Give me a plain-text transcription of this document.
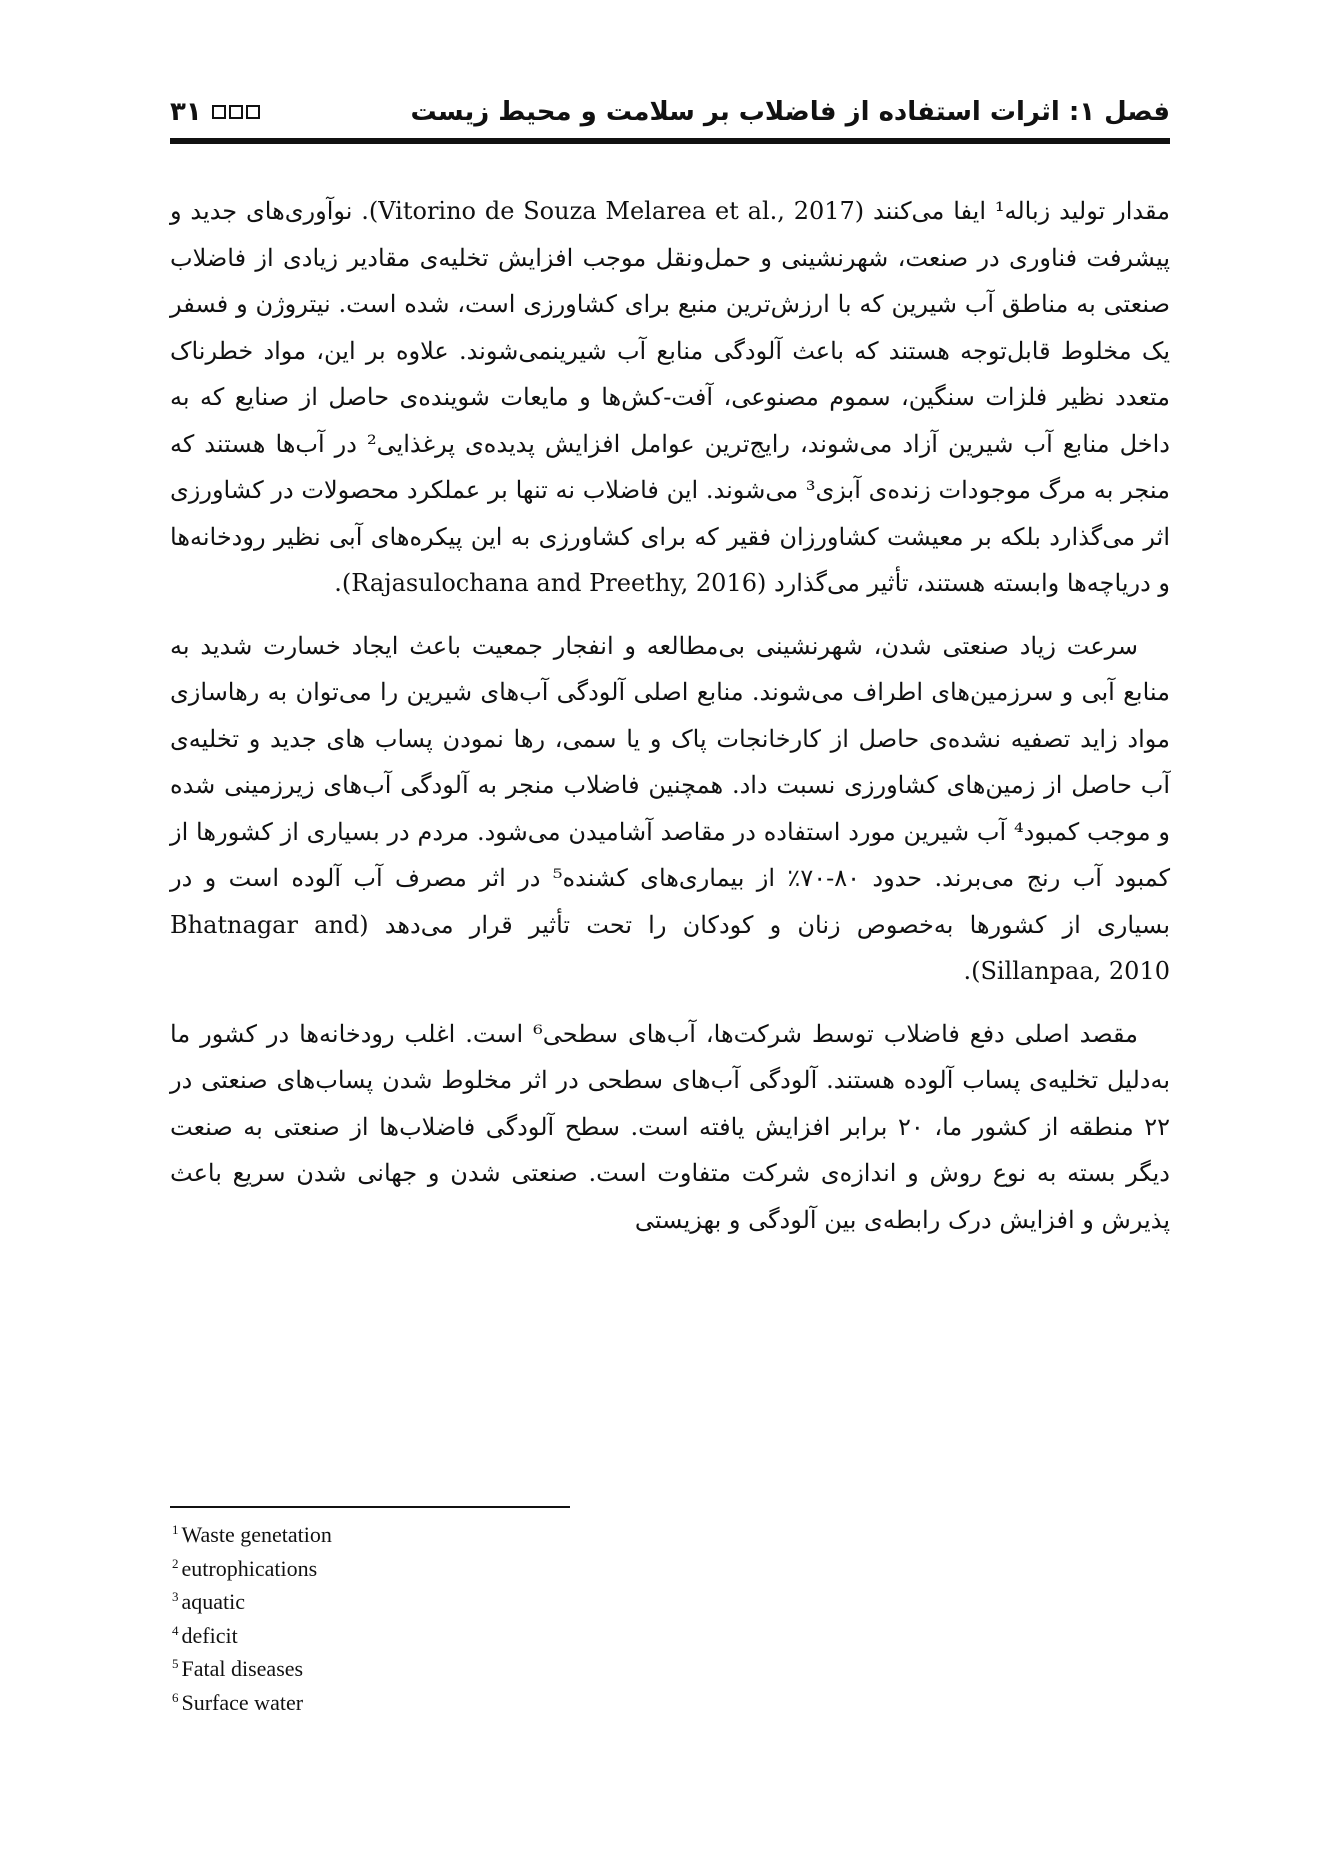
فصل ۱: اثرات استفاده از فاضلاب بر سلامت و محیط زیست
۳۱

مقدار تولید زباله¹ ایفا می‌کنند (Vitorino de Souza Melarea et al., 2017). نوآوری‌های جدید و پیشرفت فناوری در صنعت، شهرنشینی و حمل‌ونقل موجب افزایش تخلیه‌ی مقادیر زیادی از فاضلاب صنعتی به مناطق آب شیرین که با ارزش‌ترین منبع برای کشاورزی است، شده است. نیتروژن و فسفر یک مخلوط قابل‌توجه هستند که باعث آلودگی منابع آب شیرینمی‌شوند. علاوه بر این، مواد خطرناک متعدد نظیر فلزات سنگین، سموم مصنوعی، آفت-کش‌ها و مایعات شوینده‌ی حاصل از صنایع که به داخل منابع آب شیرین آزاد می‌شوند، رایج‌ترین عوامل افزایش پدیده‌ی پرغذایی² در آب‌ها هستند که منجر به مرگ موجودات زنده‌ی آبزی³ می‌شوند. این فاضلاب نه تنها بر عملکرد محصولات در کشاورزی اثر می‌گذارد بلکه بر معیشت کشاورزان فقیر که برای کشاورزی به این پیکره‌های آبی نظیر رودخانه‌ها و دریاچه‌ها وابسته هستند، تأثیر می‌گذارد (Rajasulochana and Preethy, 2016).

سرعت زیاد صنعتی شدن، شهرنشینی بی‌مطالعه و انفجار جمعیت باعث ایجاد خسارت شدید به منابع آبی و سرزمین‌های اطراف می‌شوند. منابع اصلی آلودگی آب‌های شیرین را می‌توان به رهاسازی مواد زاید تصفیه نشده‌ی حاصل از کارخانجات پاک و یا سمی، رها نمودن پساب های جدید و تخلیه‌ی آب حاصل از زمین‌های کشاورزی نسبت داد. همچنین فاضلاب منجر به آلودگی آب‌های زیرزمینی شده و موجب کمبود⁴ آب شیرین مورد استفاده در مقاصد آشامیدن می‌شود. مردم در بسیاری از کشورها از کمبود آب رنج می‌برند. حدود ۸۰-۷۰٪ از بیماری‌های کشنده⁵ در اثر مصرف آب آلوده است و در بسیاری از کشورها به‌خصوص زنان و کودکان را تحت تأثیر قرار می‌دهد (Bhatnagar and Sillanpaa, 2010).

مقصد اصلی دفع فاضلاب توسط شرکت‌ها، آب‌های سطحی⁶ است. اغلب رودخانه‌ها در کشور ما به‌دلیل تخلیه‌ی پساب آلوده هستند. آلودگی آب‌های سطحی در اثر مخلوط شدن پساب‌های صنعتی در ۲۲ منطقه از کشور ما، ۲۰ برابر افزایش یافته است. سطح آلودگی فاضلاب‌ها از صنعتی به صنعت دیگر بسته به نوع روش و اندازه‌ی شرکت متفاوت است. صنعتی شدن و جهانی شدن سریع باعث پذیرش و افزایش درک رابطه‌ی بین آلودگی و بهزیستی

$^1$ Waste genetation
$^2$ eutrophications
$^3$ aquatic
$^4$ deficit
$^5$ Fatal diseases
$^6$ Surface water
